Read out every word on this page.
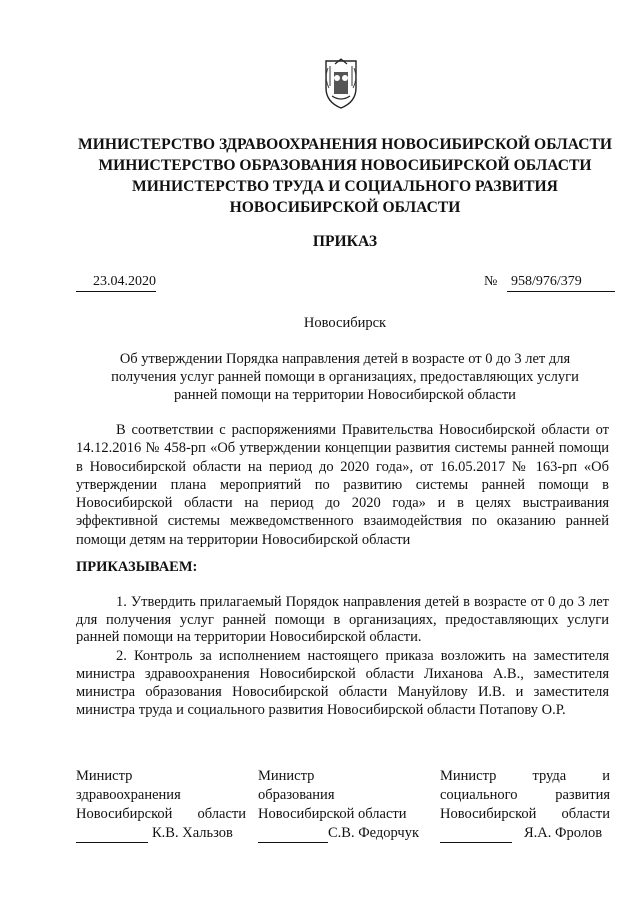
МИНИСТЕРСТВО ЗДРАВООХРАНЕНИЯ НОВОСИБИРСКОЙ ОБЛАСТИ
МИНИСТЕРСТВО ОБРАЗОВАНИЯ НОВОСИБИРСКОЙ ОБЛАСТИ
МИНИСТЕРСТВО ТРУДА И СОЦИАЛЬНОГО РАЗВИТИЯ
НОВОСИБИРСКОЙ ОБЛАСТИ
ПРИКАЗ
23.04.2020	№ 958/976/379
Новосибирск
Об утверждении Порядка направления детей в возрасте от 0 до 3 лет для
получения услуг ранней помощи в организациях, предоставляющих услуги
ранней помощи на территории Новосибирской области

В соответствии с распоряжениями Правительства Новосибирской области от 14.12.2016 № 458-рп «Об утверждении концепции развития системы ранней помощи в Новосибирской области на период до 2020 года», от 16.05.2017 № 163-рп «Об утверждении плана мероприятий по развитию системы ранней помощи в Новосибирской области на период до 2020 года» и в целях выстраивания эффективной системы межведомственного взаимодействия по оказанию ранней помощи детям на территории Новосибирской области

ПРИКАЗЫВАЕМ:

1. Утвердить прилагаемый Порядок направления детей в возрасте от 0 до 3 лет для получения услуг ранней помощи в организациях, предоставляющих услуги ранней помощи на территории Новосибирской области.

2. Контроль за исполнением настоящего приказа возложить на заместителя министра здравоохранения Новосибирской области Лиханова А.В., заместителя министра образования Новосибирской области Мануйлову И.В. и заместителя министра труда и социального развития Новосибирской области Потапову О.Р.

Министр
здравоохранения
Новосибирской области
К.В. Хальзов
Министр
образования
Новосибирской области
С.В. Федорчук
Министр труда и
социального развития
Новосибирской области
Я.А. Фролов
